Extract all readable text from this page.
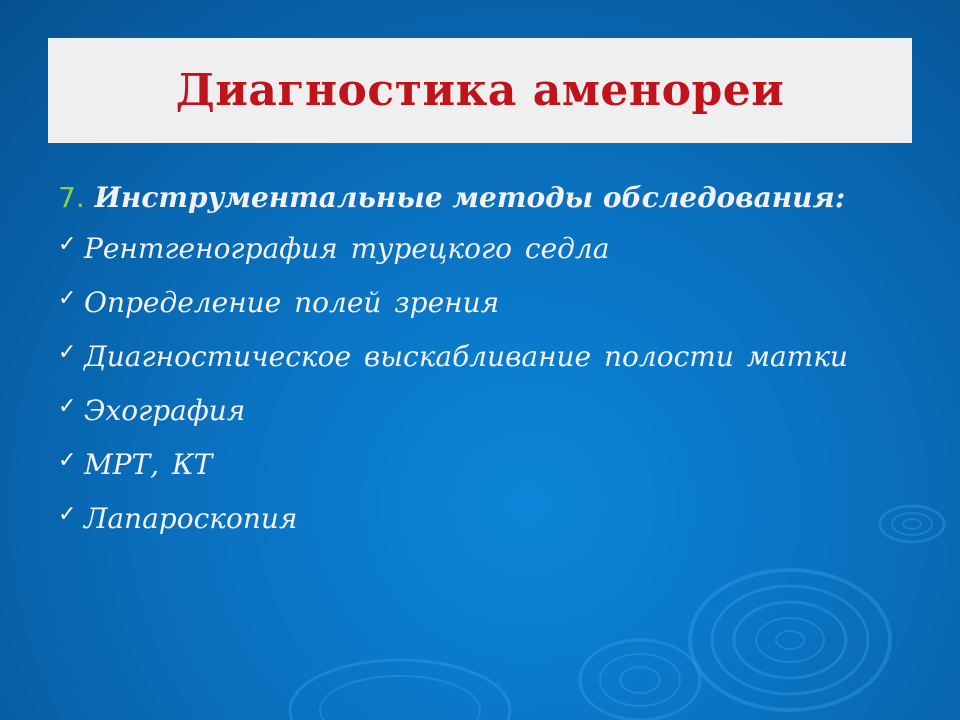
Диагностика аменореи
7. Инструментальные методы обследования:
✓ Рентгенография турецкого седла
✓ Определение полей зрения
✓ Диагностическое выскабливание полости матки
✓ Эхография
✓ МРТ, КТ
✓ Лапароскопия
